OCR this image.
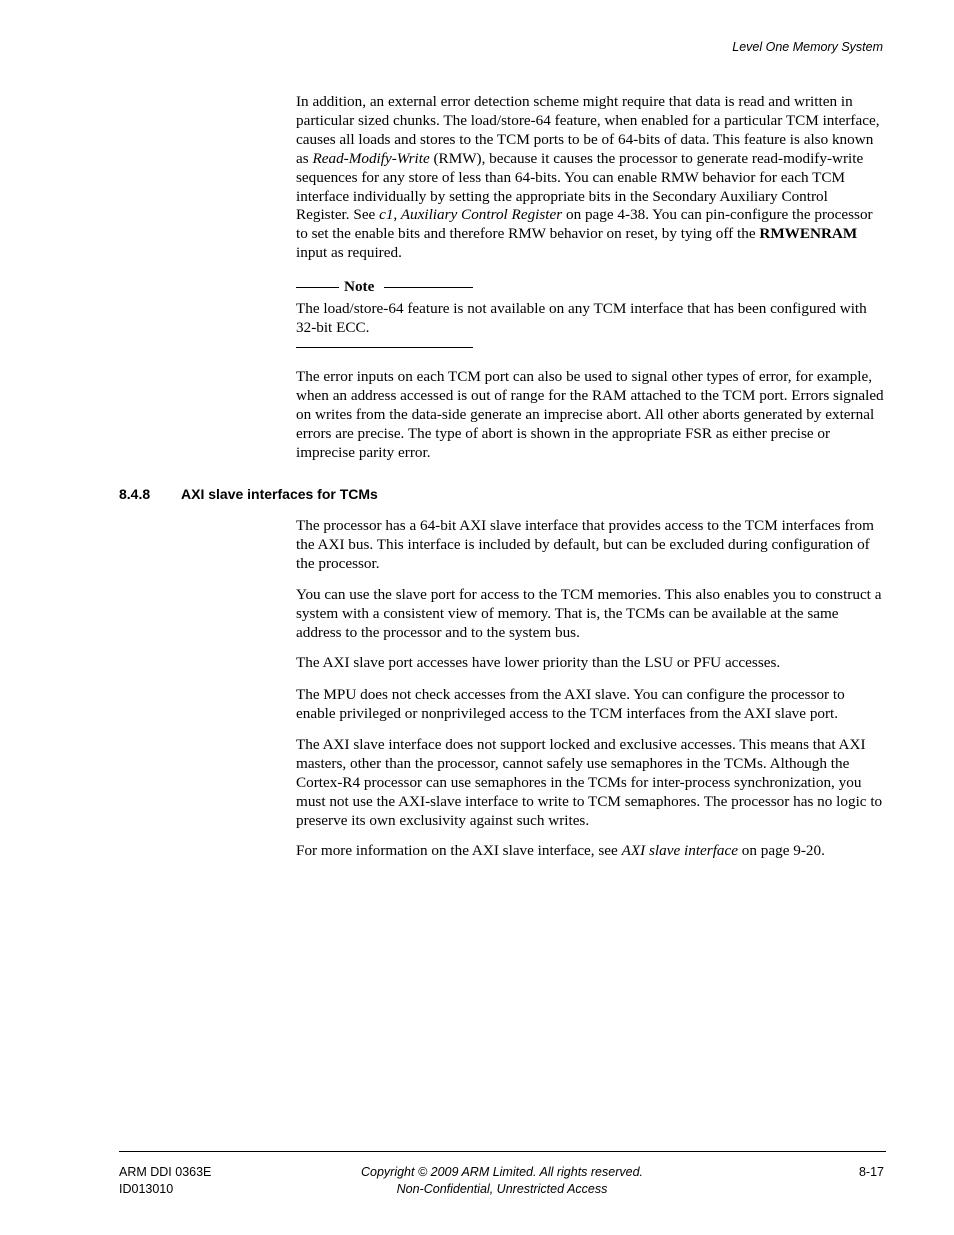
Level One Memory System

In addition, an external error detection scheme might require that data is read and written in particular sized chunks. The load/store-64 feature, when enabled for a particular TCM interface, causes all loads and stores to the TCM ports to be of 64-bits of data. This feature is also known as Read-Modify-Write (RMW), because it causes the processor to generate read-modify-write sequences for any store of less than 64-bits. You can enable RMW behavior for each TCM interface individually by setting the appropriate bits in the Secondary Auxiliary Control Register. See c1, Auxiliary Control Register on page 4-38. You can pin-configure the processor to set the enable bits and therefore RMW behavior on reset, by tying off the RMWENRAM input as required.

Note

The load/store-64 feature is not available on any TCM interface that has been configured with 32-bit ECC.

The error inputs on each TCM port can also be used to signal other types of error, for example, when an address accessed is out of range for the RAM attached to the TCM port. Errors signaled on writes from the data-side generate an imprecise abort. All other aborts generated by external errors are precise. The type of abort is shown in the appropriate FSR as either precise or imprecise parity error.

8.4.8 AXI slave interfaces for TCMs

The processor has a 64-bit AXI slave interface that provides access to the TCM interfaces from the AXI bus. This interface is included by default, but can be excluded during configuration of the processor.

You can use the slave port for access to the TCM memories. This also enables you to construct a system with a consistent view of memory. That is, the TCMs can be available at the same address to the processor and to the system bus.

The AXI slave port accesses have lower priority than the LSU or PFU accesses.

The MPU does not check accesses from the AXI slave. You can configure the processor to enable privileged or nonprivileged access to the TCM interfaces from the AXI slave port.

The AXI slave interface does not support locked and exclusive accesses. This means that AXI masters, other than the processor, cannot safely use semaphores in the TCMs. Although the Cortex-R4 processor can use semaphores in the TCMs for inter-process synchronization, you must not use the AXI-slave interface to write to TCM semaphores. The processor has no logic to preserve its own exclusivity against such writes.

For more information on the AXI slave interface, see AXI slave interface on page 9-20.

ARM DDI 0363E
ID013010
Copyright © 2009 ARM Limited. All rights reserved.
Non-Confidential, Unrestricted Access
8-17
